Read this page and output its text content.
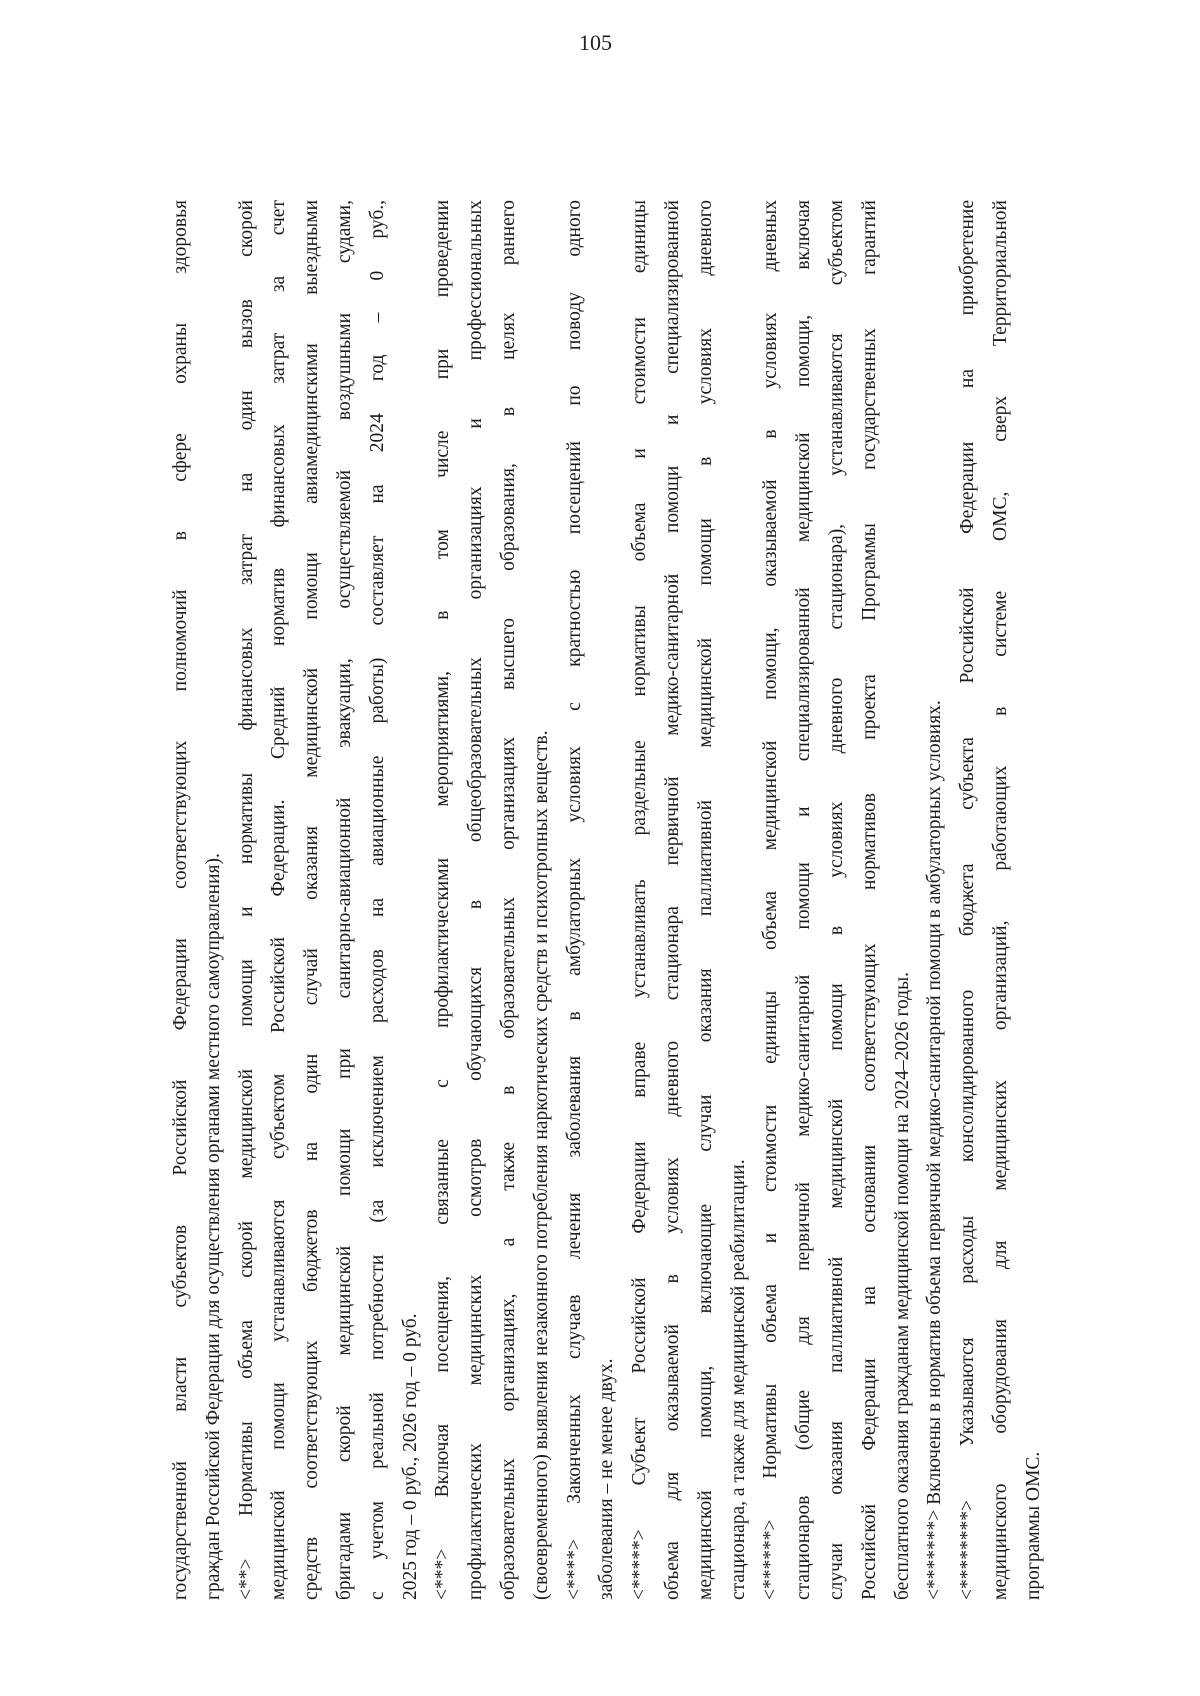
105
государственной власти субъектов Российской Федерации соответствующих полномочий в сфере охраны здоровья граждан Российской Федерации для осуществления органами местного самоуправления). <**> Нормативы объема скорой медицинской помощи и нормативы финансовых затрат на один вызов скорой медицинской помощи устанавливаются субъектом Российской Федерации. Средний норматив финансовых затрат за счет средств соответствующих бюджетов на один случай оказания медицинской помощи авиамедицинскими выездными бригадами скорой медицинской помощи при санитарно-авиационной эвакуации, осуществляемой воздушными судами, с учетом реальной потребности (за исключением расходов на авиационные работы) составляет на 2024 год – 0 руб., 2025 год – 0 руб., 2026 год – 0 руб. <***> Включая посещения, связанные с профилактическими мероприятиями, в том числе при проведении профилактических медицинских осмотров обучающихся в общеобразовательных организациях и профессиональных образовательных организациях, а также в образовательных организациях высшего образования, в целях раннего (своевременного) выявления незаконного потребления наркотических средств и психотропных веществ. <****> Законченных случаев лечения заболевания в амбулаторных условиях с кратностью посещений по поводу одного заболевания – не менее двух. <*****> Субъект Российской Федерации вправе устанавливать раздельные нормативы объема и стоимости единицы объема для оказываемой в условиях дневного стационара первичной медико-санитарной помощи и специализированной медицинской помощи, включающие случаи оказания паллиативной медицинской помощи в условиях дневного стационара, а также для медицинской реабилитации. <******> Нормативы объема и стоимости единицы объема медицинской помощи, оказываемой в условиях дневных стационаров (общие для первичной медико-санитарной помощи и специализированной медицинской помощи, включая случаи оказания паллиативной медицинской помощи в условиях дневного стационара), устанавливаются субъектом Российской Федерации на основании соответствующих нормативов проекта Программы государственных гарантий бесплатного оказания гражданам медицинской помощи на 2024–2026 годы. <*******> Включены в норматив объема первичной медико-санитарной помощи в амбулаторных условиях. <********> Указываются расходы консолидированного бюджета субъекта Российской Федерации на приобретение медицинского оборудования для медицинских организаций, работающих в системе ОМС, сверх Территориальной программы ОМС.
